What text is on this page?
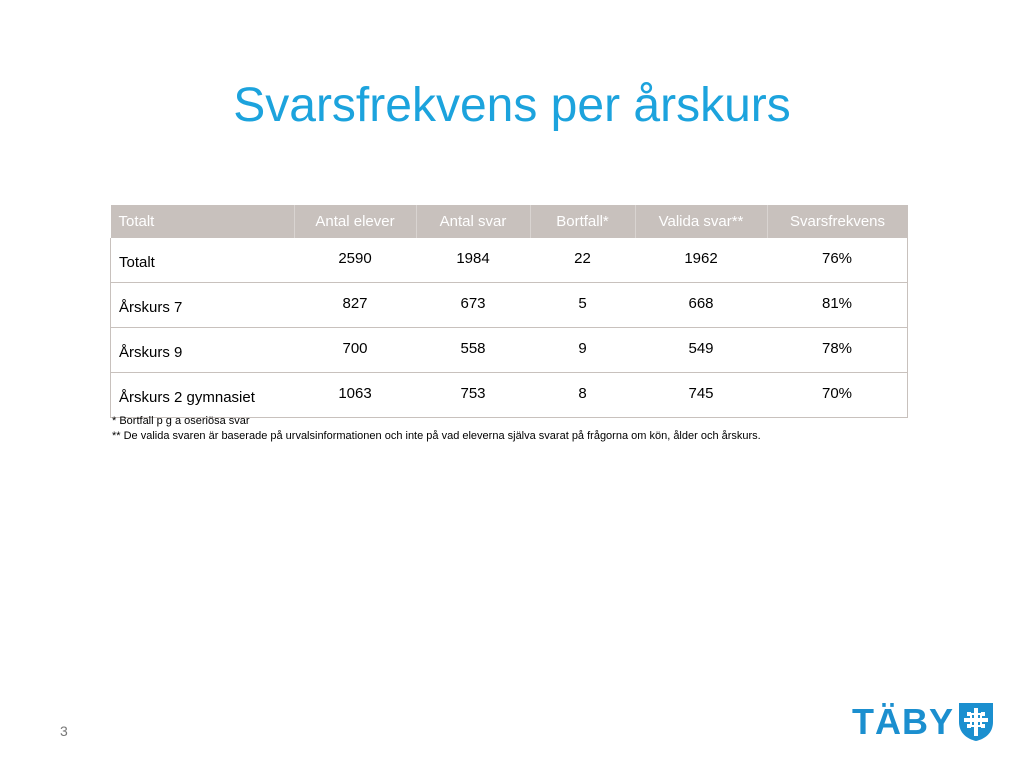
Svarsfrekvens per årskurs
Totalt	Antal elever	Antal svar	Bortfall*	Valida svar**	Svarsfrekvens
Totalt	2590	1984	22	1962	76%
Årskurs 7	827	673	5	668	81%
Årskurs 9	700	558	9	549	78%
Årskurs 2 gymnasiet	1063	753	8	745	70%
* Bortfall p g a oseriösa svar
** De valida svaren är baserade på urvalsinformationen och inte på vad eleverna själva svarat på frågorna om kön, ålder och årskurs.
3	TÄBY
